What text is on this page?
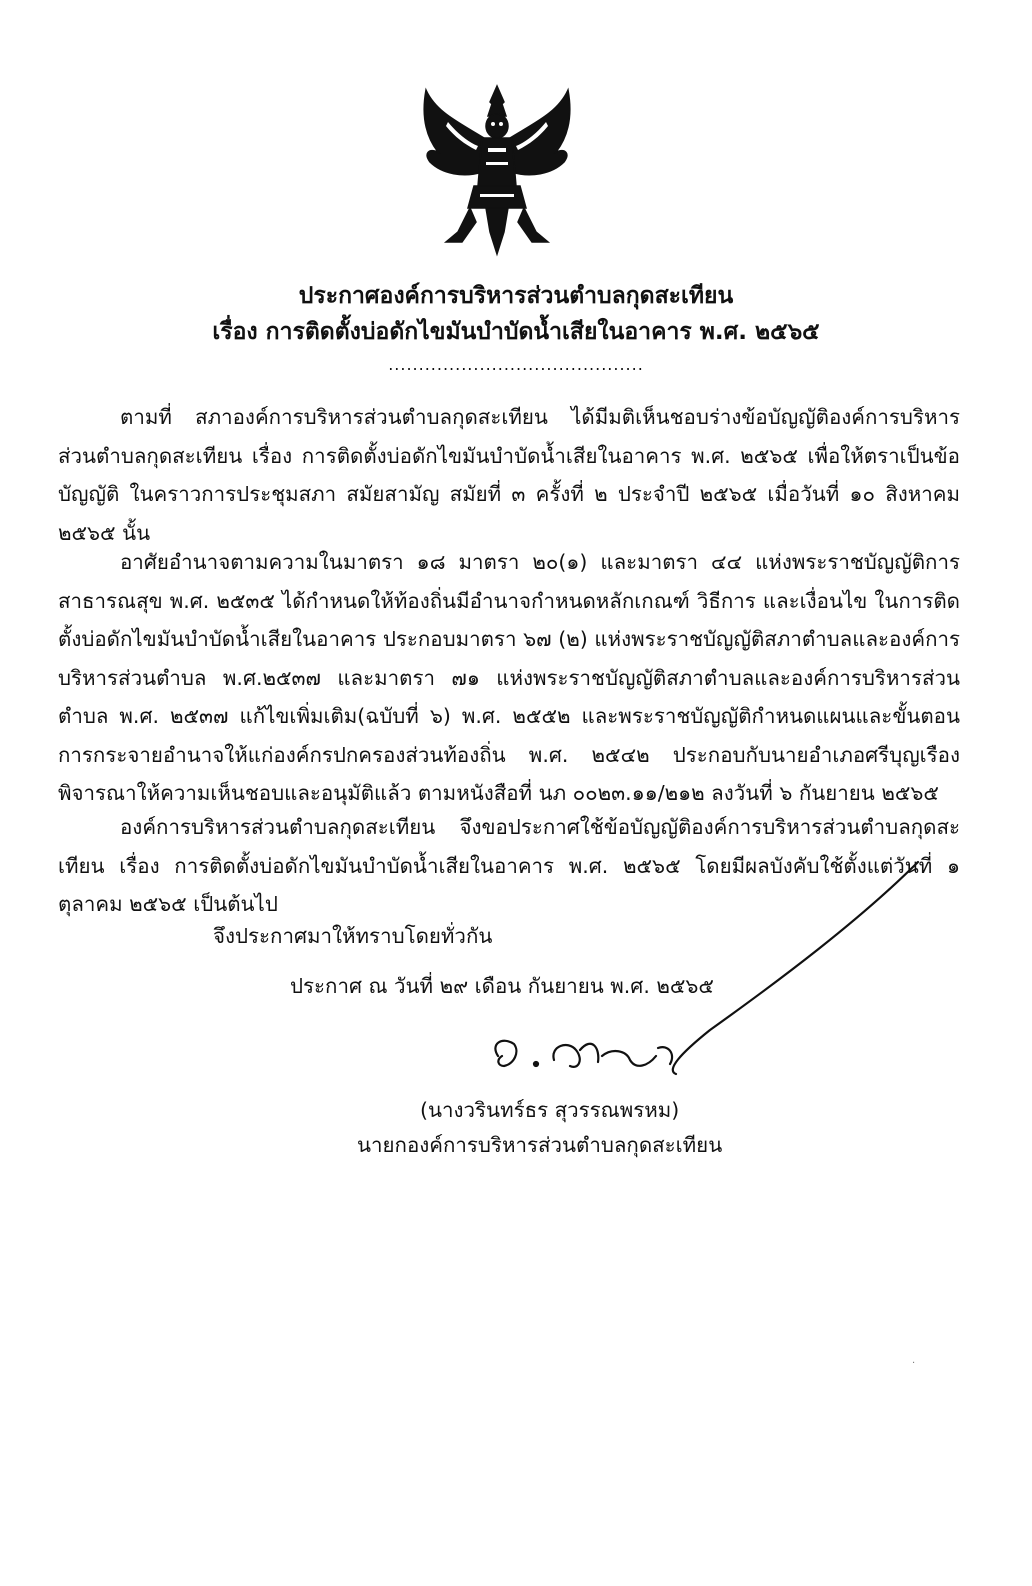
ประกาศองค์การบริหารส่วนตำบลกุดสะเทียน
เรื่อง การติดตั้งบ่อดักไขมันบำบัดน้ำเสียในอาคาร พ.ศ. ๒๕๖๕
..........................................
ตามที่ สภาองค์การบริหารส่วนตำบลกุดสะเทียน ได้มีมติเห็นชอบร่างข้อบัญญัติองค์การบริหารส่วนตำบลกุดสะเทียน เรื่อง การติดตั้งบ่อดักไขมันบำบัดน้ำเสียในอาคาร พ.ศ. ๒๕๖๕ เพื่อให้ตราเป็นข้อบัญญัติ ในคราวการประชุมสภา สมัยสามัญ สมัยที่ ๓ ครั้งที่ ๒ ประจำปี ๒๕๖๕ เมื่อวันที่ ๑๐ สิงหาคม ๒๕๖๕ นั้น
อาศัยอำนาจตามความในมาตรา ๑๘ มาตรา ๒๐(๑) และมาตรา ๔๔ แห่งพระราชบัญญัติการสาธารณสุข พ.ศ. ๒๕๓๕ ได้กำหนดให้ท้องถิ่นมีอำนาจกำหนดหลักเกณฑ์ วิธีการ และเงื่อนไข ในการติดตั้งบ่อดักไขมันบำบัดน้ำเสียในอาคาร ประกอบมาตรา ๖๗ (๒) แห่งพระราชบัญญัติสภาตำบลและองค์การบริหารส่วนตำบล พ.ศ.๒๕๓๗ และมาตรา ๗๑ แห่งพระราชบัญญัติสภาตำบลและองค์การบริหารส่วนตำบล พ.ศ. ๒๕๓๗ แก้ไขเพิ่มเติม(ฉบับที่ ๖) พ.ศ. ๒๕๕๒ และพระราชบัญญัติกำหนดแผนและขั้นตอนการกระจายอำนาจให้แก่องค์กรปกครองส่วนท้องถิ่น พ.ศ. ๒๕๔๒ ประกอบกับนายอำเภอศรีบุญเรือง พิจารณาให้ความเห็นชอบและอนุมัติแล้ว ตามหนังสือที่ นภ ๐๐๒๓.๑๑/๒๑๒ ลงวันที่ ๖ กันยายน ๒๕๖๕
องค์การบริหารส่วนตำบลกุดสะเทียน จึงขอประกาศใช้ข้อบัญญัติองค์การบริหารส่วนตำบลกุดสะเทียน เรื่อง การติดตั้งบ่อดักไขมันบำบัดน้ำเสียในอาคาร พ.ศ. ๒๕๖๕ โดยมีผลบังคับใช้ตั้งแต่วันที่ ๑ ตุลาคม ๒๕๖๕ เป็นต้นไป
จึงประกาศมาให้ทราบโดยทั่วกัน
ประกาศ ณ วันที่ ๒๙ เดือน กันยายน พ.ศ. ๒๕๖๕
(นางวรินทร์ธร สุวรรณพรหม)
นายกองค์การบริหารส่วนตำบลกุดสะเทียน
·
